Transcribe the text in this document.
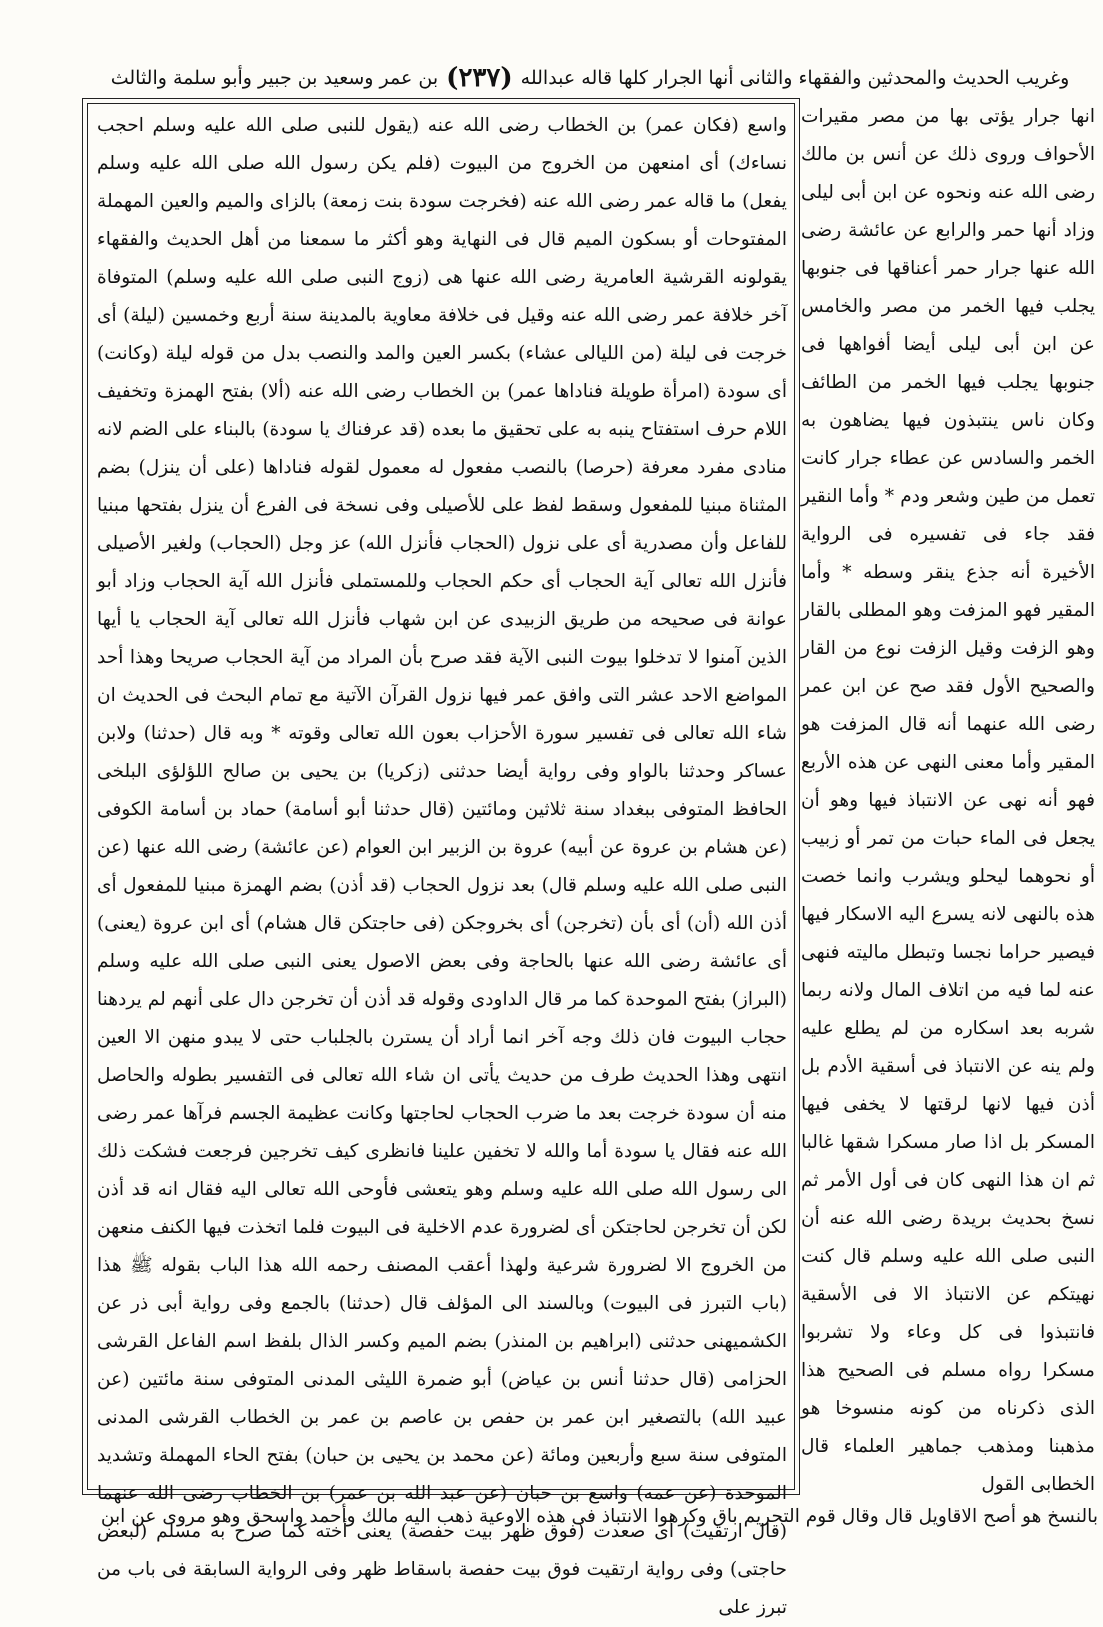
وغريب الحديث والمحدثين والفقهاء والثانى أنها الجرار كلها قاله عبدالله
(٢٣٧)
بن عمر وسعيد بن جبير وأبو سلمة والثالث

انها جرار يؤتى بها من مصر مقيرات الأحواف وروى ذلك عن أنس بن مالك رضى الله عنه ونحوه عن ابن أبى ليلى وزاد أنها حمر والرابع عن عائشة رضى الله عنها جرار حمر أعناقها فى جنوبها يجلب فيها الخمر من مصر والخامس عن ابن أبى ليلى أيضا أفواهها فى جنوبها يجلب فيها الخمر من الطائف وكان ناس ينتبذون فيها يضاهون به الخمر والسادس عن عطاء جرار كانت تعمل من طين وشعر ودم * وأما النقير فقد جاء فى تفسيره فى الرواية الأخيرة أنه جذع ينقر وسطه * وأما المقير فهو المزفت وهو المطلى بالقار وهو الزفت وقيل الزفت نوع من القار والصحيح الأول فقد صح عن ابن عمر رضى الله عنهما أنه قال المزفت هو المقير وأما معنى النهى عن هذه الأربع فهو أنه نهى عن الانتباذ فيها وهو أن يجعل فى الماء حبات من تمر أو زبيب أو نحوهما ليحلو ويشرب وانما خصت هذه بالنهى لانه يسرع اليه الاسكار فيها فيصير حراما نجسا وتبطل ماليته فنهى عنه لما فيه من اتلاف المال ولانه ربما شربه بعد اسكاره من لم يطلع عليه ولم ينه عن الانتباذ فى أسقية الأدم بل أذن فيها لانها لرقتها لا يخفى فيها المسكر بل اذا صار مسكرا شقها غالبا ثم ان هذا النهى كان فى أول الأمر ثم نسخ بحديث بريدة رضى الله عنه أن النبى صلى الله عليه وسلم قال كنت نهيتكم عن الانتباذ الا فى الأسقية فانتبذوا فى كل وعاء ولا تشربوا مسكرا رواه مسلم فى الصحيح هذا الذى ذكرناه من كونه منسوخا هو مذهبنا ومذهب جماهير العلماء قال الخطابى القول

واسع (فكان عمر) بن الخطاب رضى الله عنه (يقول للنبى صلى الله عليه وسلم احجب نساءك) أى امنعهن من الخروج من البيوت (فلم يكن رسول الله صلى الله عليه وسلم يفعل) ما قاله عمر رضى الله عنه (فخرجت سودة بنت زمعة) بالزاى والميم والعين المهملة المفتوحات أو بسكون الميم قال فى النهاية وهو أكثر ما سمعنا من أهل الحديث والفقهاء يقولونه القرشية العامرية رضى الله عنها هى (زوج النبى صلى الله عليه وسلم) المتوفاة آخر خلافة عمر رضى الله عنه وقيل فى خلافة معاوية بالمدينة سنة أربع وخمسين (ليلة) أى خرجت فى ليلة (من الليالى عشاء) بكسر العين والمد والنصب بدل من قوله ليلة (وكانت) أى سودة (امرأة طويلة فناداها عمر) بن الخطاب رضى الله عنه (ألا) بفتح الهمزة وتخفيف اللام حرف استفتاح ينبه به على تحقيق ما بعده (قد عرفناك يا سودة) بالبناء على الضم لانه منادى مفرد معرفة (حرصا) بالنصب مفعول له معمول لقوله فناداها (على أن ينزل) بضم المثناة مبنيا للمفعول وسقط لفظ على للأصيلى وفى نسخة فى الفرع أن ينزل بفتحها مبنيا للفاعل وأن مصدرية أى على نزول (الحجاب فأنزل الله) عز وجل (الحجاب) ولغير الأصيلى فأنزل الله تعالى آية الحجاب أى حكم الحجاب وللمستملى فأنزل الله آية الحجاب وزاد أبو عوانة فى صحيحه من طريق الزبيدى عن ابن شهاب فأنزل الله تعالى آية الحجاب يا أيها الذين آمنوا لا تدخلوا بيوت النبى الآية فقد صرح بأن المراد من آية الحجاب صريحا وهذا أحد المواضع الاحد عشر التى وافق عمر فيها نزول القرآن الآتية مع تمام البحث فى الحديث ان شاء الله تعالى فى تفسير سورة الأحزاب بعون الله تعالى وقوته * وبه قال (حدثنا) ولابن عساكر وحدثنا بالواو وفى رواية أيضا حدثنى (زكريا) بن يحيى بن صالح اللؤلؤى البلخى الحافظ المتوفى ببغداد سنة ثلاثين ومائتين (قال حدثنا أبو أسامة) حماد بن أسامة الكوفى (عن هشام بن عروة عن أبيه) عروة بن الزبير ابن العوام (عن عائشة) رضى الله عنها (عن النبى صلى الله عليه وسلم قال) بعد نزول الحجاب (قد أذن) بضم الهمزة مبنيا للمفعول أى أذن الله (أن) أى بأن (تخرجن) أى بخروجكن (فى حاجتكن قال هشام) أى ابن عروة (يعنى) أى عائشة رضى الله عنها بالحاجة وفى بعض الاصول يعنى النبى صلى الله عليه وسلم (البراز) بفتح الموحدة كما مر قال الداودى وقوله قد أذن أن تخرجن دال على أنهم لم يردهنا حجاب البيوت فان ذلك وجه آخر انما أراد أن يسترن بالجلباب حتى لا يبدو منهن الا العين انتهى وهذا الحديث طرف من حديث يأتى ان شاء الله تعالى فى التفسير بطوله والحاصل منه أن سودة خرجت بعد ما ضرب الحجاب لحاجتها وكانت عظيمة الجسم فرآها عمر رضى الله عنه فقال يا سودة أما والله لا تخفين علينا فانظرى كيف تخرجين فرجعت فشكت ذلك الى رسول الله صلى الله عليه وسلم وهو يتعشى فأوحى الله تعالى اليه فقال انه قد أذن لكن أن تخرجن لحاجتكن أى لضرورة عدم الاخلية فى البيوت فلما اتخذت فيها الكنف منعهن من الخروج الا لضرورة شرعية ولهذا أعقب المصنف رحمه الله هذا الباب بقوله ﷺ هذا (باب التبرز فى البيوت) وبالسند الى المؤلف قال (حدثنا) بالجمع وفى رواية أبى ذر عن الكشميهنى حدثنى (ابراهيم بن المنذر) بضم الميم وكسر الذال بلفظ اسم الفاعل القرشى الحزامى (قال حدثنا أنس بن عياض) أبو ضمرة الليثى المدنى المتوفى سنة مائتين (عن عبيد الله) بالتصغير ابن عمر بن حفص بن عاصم بن عمر بن الخطاب القرشى المدنى المتوفى سنة سبع وأربعين ومائة (عن محمد بن يحيى بن حبان) بفتح الحاء المهملة وتشديد الموحدة (عن عمه) واسع بن حبان (عن عبد الله بن عمر) بن الخطاب رضى الله عنهما (قال ارتقيت) أى صعدت (فوق ظهر بيت حفصة) يعنى أخته كما صرح به مسلم (لبعض حاجتى) وفى رواية ارتقيت فوق بيت حفصة باسقاط ظهر وفى الرواية السابقة فى باب من تبرز على

بالنسخ هو أصح الاقاويل قال وقال قوم التحريم باق وكرهوا الانتباذ فى هذه الاوعية ذهب اليه مالك وأحمد واسحق وهو مروى عن ابن
